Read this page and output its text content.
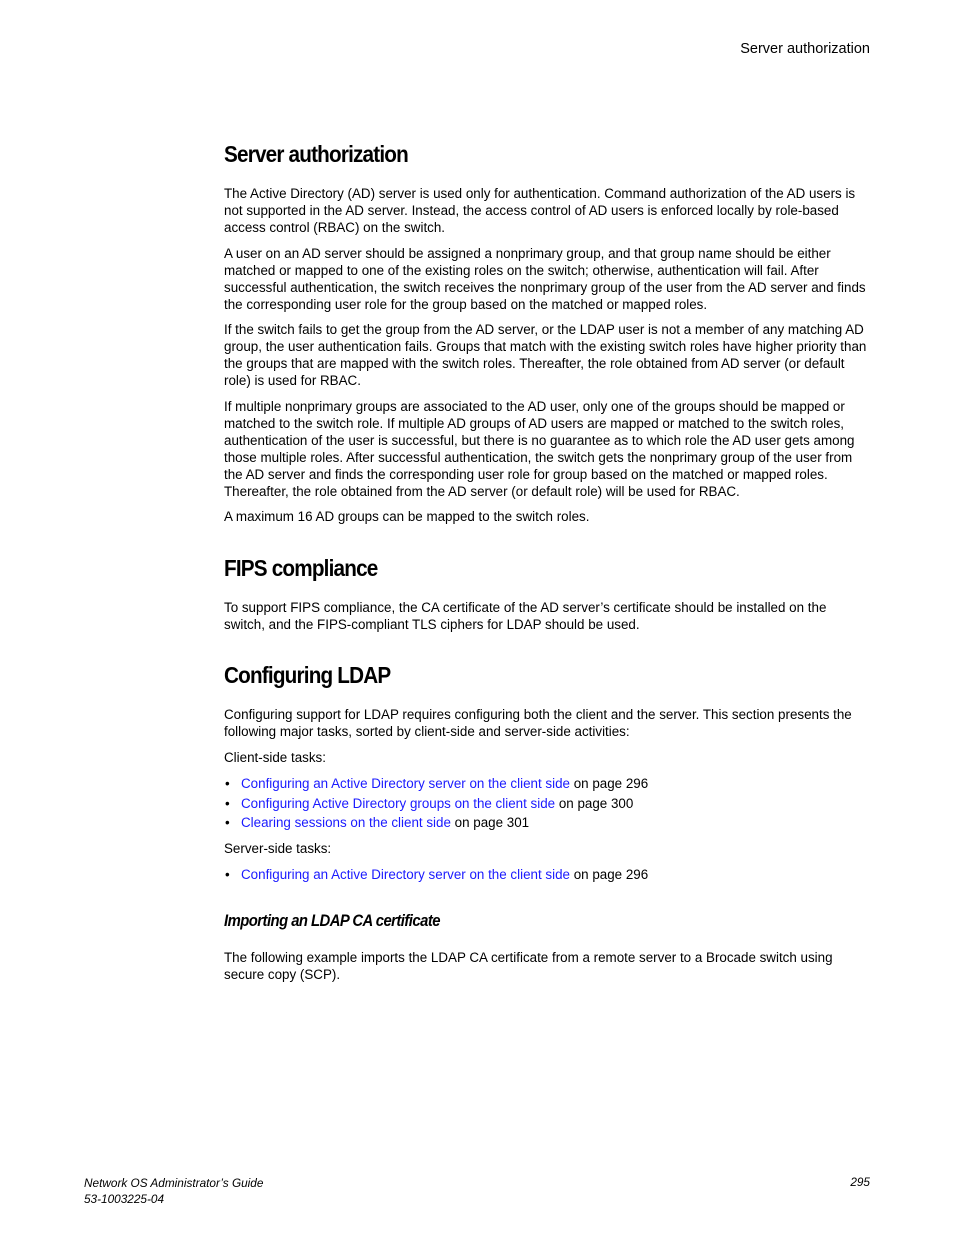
Server authorization
Server authorization

The Active Directory (AD) server is used only for authentication. Command authorization of the AD users is not supported in the AD server. Instead, the access control of AD users is enforced locally by role-based access control (RBAC) on the switch.

A user on an AD server should be assigned a nonprimary group, and that group name should be either matched or mapped to one of the existing roles on the switch; otherwise, authentication will fail. After successful authentication, the switch receives the nonprimary group of the user from the AD server and finds the corresponding user role for the group based on the matched or mapped roles.

If the switch fails to get the group from the AD server, or the LDAP user is not a member of any matching AD group, the user authentication fails. Groups that match with the existing switch roles have higher priority than the groups that are mapped with the switch roles. Thereafter, the role obtained from AD server (or default role) is used for RBAC.

If multiple nonprimary groups are associated to the AD user, only one of the groups should be mapped or matched to the switch role. If multiple AD groups of AD users are mapped or matched to the switch roles, authentication of the user is successful, but there is no guarantee as to which role the AD user gets among those multiple roles. After successful authentication, the switch gets the nonprimary group of the user from the AD server and finds the corresponding user role for group based on the matched or mapped roles. Thereafter, the role obtained from the AD server (or default role) will be used for RBAC.

A maximum 16 AD groups can be mapped to the switch roles.

FIPS compliance

To support FIPS compliance, the CA certificate of the AD server’s certificate should be installed on the switch, and the FIPS-compliant TLS ciphers for LDAP should be used.

Configuring LDAP

Configuring support for LDAP requires configuring both the client and the server. This section presents the following major tasks, sorted by client-side and server-side activities:

Client-side tasks:

• Configuring an Active Directory server on the client side on page 296
• Configuring Active Directory groups on the client side on page 300
• Clearing sessions on the client side on page 301

Server-side tasks:

• Configuring an Active Directory server on the client side on page 296
Importing an LDAP CA certificate

The following example imports the LDAP CA certificate from a remote server to a Brocade switch using secure copy (SCP).

Network OS Administrator’s Guide
53-1003225-04
295
